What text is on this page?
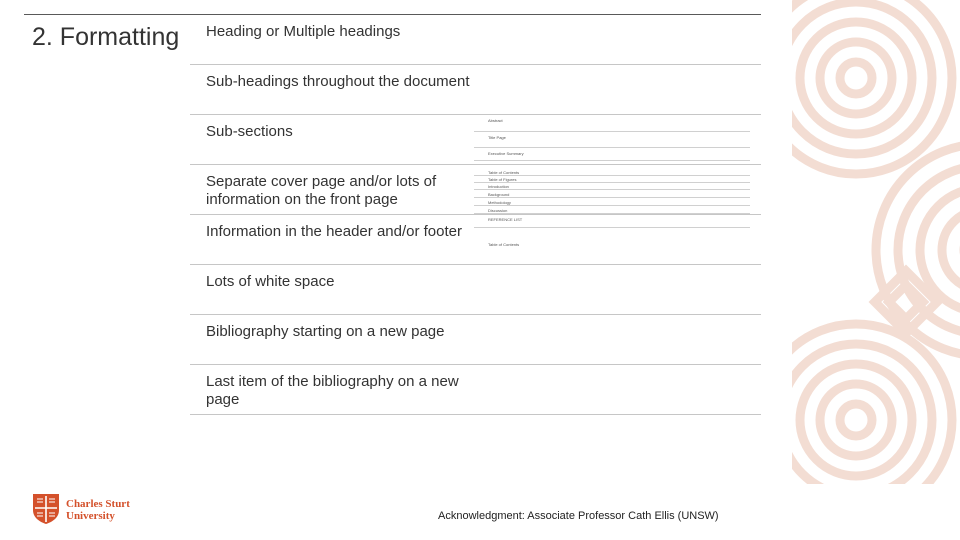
2. Formatting Heading or Multiple headings
Sub-headings throughout the document
Sub-sections
Separate cover page and/or lots of information on the front page
Information in the header and/or footer
Lots of white space
Bibliography starting on a new page
Last item of the bibliography on a new page
Abstract
Title Page
Executive Summary
Table of Contents
Table of Figures
Introduction
Background
Methodology
Discussion
REFERENCE LIST
Table of Contents
Charles Sturt
University	Acknowledgment: Associate Professor Cath Ellis (UNSW)
